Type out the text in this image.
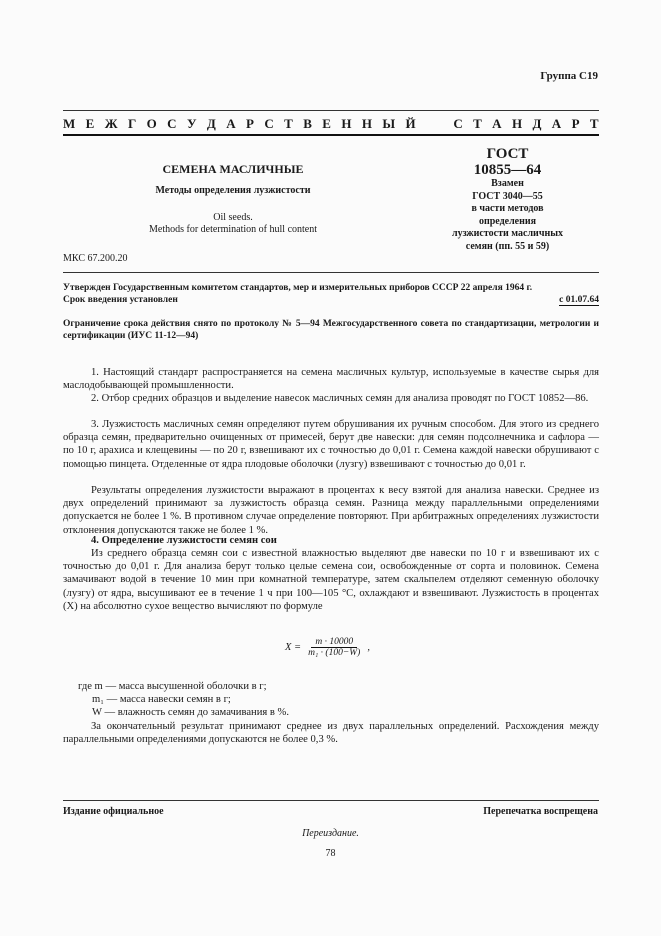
Группа С19
М Е Ж Г О С У Д А Р С Т В Е Н Н Ы Й

	С Т А Н Д А Р Т
СЕМЕНА МАСЛИЧНЫЕ
Методы определения лузжистости
Oil seeds.
Methods for determination of hull content
ГОСТ
10855—64
Взамен
ГОСТ 3040—55
в части методов
определения
лузжистости масличных
семян (пп. 55 и 59)
МКС 67.200.20
Утвержден Государственным комитетом стандартов, мер и измерительных приборов СССР 22 апреля 1964 г.
Срок введения установлен	с 01.07.64
Ограничение срока действия снято по протоколу № 5—94 Межгосударственного совета по стандартизации, метрологии и сертификации (ИУС 11-12—94)
1. Настоящий стандарт распространяется на семена масличных культур, используемые в качестве сырья для маслодобывающей промышленности.
2. Отбор средних образцов и выделение навесок масличных семян для анализа проводят по ГОСТ 10852—86.
3. Лузжистость масличных семян определяют путем обрушивания их ручным способом. Для этого из среднего образца семян, предварительно очищенных от примесей, берут две навески: для семян подсолнечника и сафлора — по 10 г, арахиса и клещевины — по 20 г, взвешивают их с точностью до 0,01 г. Семена каждой навески обрушивают с помощью пинцета. Отделенные от ядра плодовые оболочки (лузгу) взвешивают с точностью до 0,01 г.
Результаты определения лузжистости выражают в процентах к весу взятой для анализа навески. Среднее из двух определений принимают за лузжистость образца семян. Разница между параллельными определениями допускается не более 1 %. В противном случае определение повторяют. При арбитражных определениях лузжистости отклонения допускаются также не более 1 %.
4. Определение лузжистости семян сои
Из среднего образца семян сои с известной влажностью выделяют две навески по 10 г и взвешивают их с точностью до 0,01 г. Для анализа берут только целые семена сои, освобожденные от сорта и половинок. Семена замачивают водой в течение 10 мин при комнатной температуре, затем скальпелем отделяют семенную оболочку (лузгу) от ядра, высушивают ее в течение 1 ч при 100—105 °С, охлаждают и взвешивают. Лузжистость в процентах (X) на абсолютно сухое вещество вычисляют по формуле
$X = \frac{m \cdot 10000}{\text{m₁ · (100−W)}}$ ,
где m — масса высушенной оболочки в г;
m₁ — масса навески семян в г;
W — влажность семян до замачивания в %.
За окончательный результат принимают среднее из двух параллельных определений. Расхождения между параллельными определениями допускаются не более 0,3 %.
Издание официальное	Перепечатка воспрещена
Переиздание.
78
